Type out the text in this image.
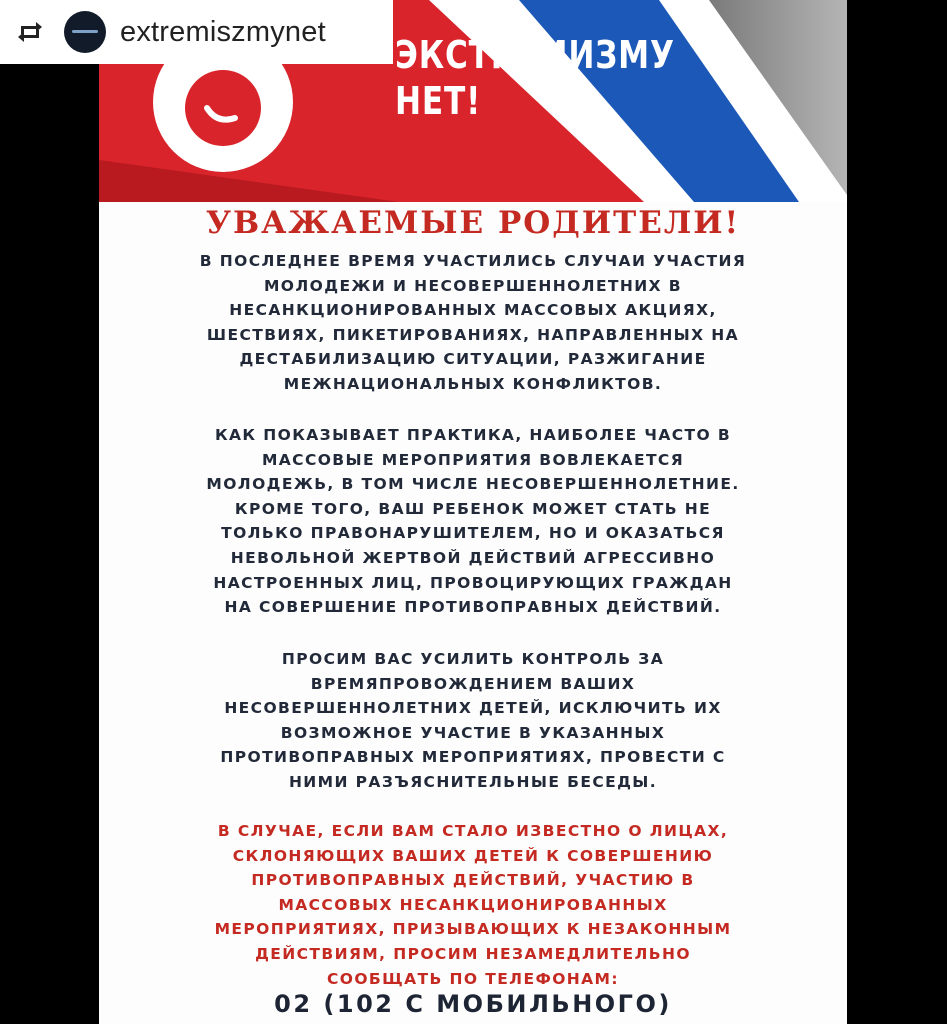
ЭКСТРЕМИЗМУ
НЕТ!
УВАЖАЕМЫЕ РОДИТЕЛИ!
В ПОСЛЕДНЕЕ ВРЕМЯ УЧАСТИЛИСЬ СЛУЧАИ УЧАСТИЯ
МОЛОДЕЖИ И НЕСОВЕРШЕННОЛЕТНИХ В
НЕСАНКЦИОНИРОВАННЫХ МАССОВЫХ АКЦИЯХ,
ШЕСТВИЯХ, ПИКЕТИРОВАНИЯХ, НАПРАВЛЕННЫХ НА
ДЕСТАБИЛИЗАЦИЮ СИТУАЦИИ, РАЗЖИГАНИЕ
МЕЖНАЦИОНАЛЬНЫХ КОНФЛИКТОВ.
КАК ПОКАЗЫВАЕТ ПРАКТИКА, НАИБОЛЕЕ ЧАСТО В
МАССОВЫЕ МЕРОПРИЯТИЯ ВОВЛЕКАЕТСЯ
МОЛОДЕЖЬ, В ТОМ ЧИСЛЕ НЕСОВЕРШЕННОЛЕТНИЕ.
КРОМЕ ТОГО, ВАШ РЕБЕНОК МОЖЕТ СТАТЬ НЕ
ТОЛЬКО ПРАВОНАРУШИТЕЛЕМ, НО И ОКАЗАТЬСЯ
НЕВОЛЬНОЙ ЖЕРТВОЙ ДЕЙСТВИЙ АГРЕССИВНО
НАСТРОЕННЫХ ЛИЦ, ПРОВОЦИРУЮЩИХ ГРАЖДАН
НА СОВЕРШЕНИЕ ПРОТИВОПРАВНЫХ ДЕЙСТВИЙ.
ПРОСИМ ВАС УСИЛИТЬ КОНТРОЛЬ ЗА
ВРЕМЯПРОВОЖДЕНИЕМ ВАШИХ
НЕСОВЕРШЕННОЛЕТНИХ ДЕТЕЙ, ИСКЛЮЧИТЬ ИХ
ВОЗМОЖНОЕ УЧАСТИЕ В УКАЗАННЫХ
ПРОТИВОПРАВНЫХ МЕРОПРИЯТИЯХ, ПРОВЕСТИ С
НИМИ РАЗЪЯСНИТЕЛЬНЫЕ БЕСЕДЫ.
В СЛУЧАЕ, ЕСЛИ ВАМ СТАЛО ИЗВЕСТНО О ЛИЦАХ,
СКЛОНЯЮЩИХ ВАШИХ ДЕТЕЙ К СОВЕРШЕНИЮ
ПРОТИВОПРАВНЫХ ДЕЙСТВИЙ, УЧАСТИЮ В
МАССОВЫХ НЕСАНКЦИОНИРОВАННЫХ
МЕРОПРИЯТИЯХ, ПРИЗЫВАЮЩИХ К НЕЗАКОННЫМ
ДЕЙСТВИЯМ, ПРОСИМ НЕЗАМЕДЛИТЕЛЬНО
СООБЩАТЬ ПО ТЕЛЕФОНАМ:
02 (102 С МОБИЛЬНОГО)
extremiszmynet
